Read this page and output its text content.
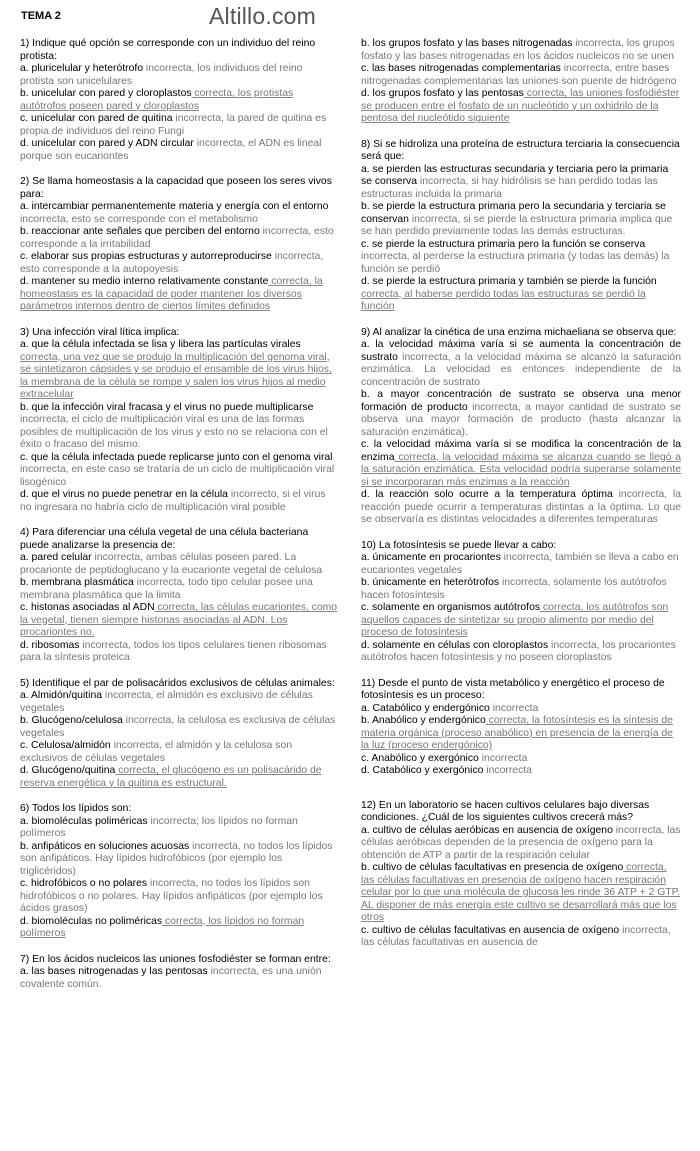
TEMA 2	Altillo.com
1) Indique qué opción se corresponde con un individuo del reino protista:
a. pluricelular y heterótrofo incorrecta, los individuos del reino protista son unicelulares
b. unicelular con pared y cloroplastos correcta, los protistas autótrofos poseen pared y cloroplastos
c. unicelular con pared de quitina incorrecta, la pared de quitina es propia de individuos del reino Fungi
d. unicelular con pared y ADN circular incorrecta, el ADN es lineal porque son eucariontes
2) Se llama homeostasis a la capacidad que poseen los seres vivos para:
a. intercambiar permanentemente materia y energía con el entorno incorrecta, esto se corresponde con el metabolismo
b. reaccionar ante señales que perciben del entorno incorrecta, esto corresponde a la irritabilidad
c. elaborar sus propias estructuras y autorreproducirse incorrecta, esto corresponde a la autopoyesis
d. mantener su medio interno relativamente constante correcta, la homeostasis es la capacidad de poder mantener los diversos parámetros internos dentro de ciertos límites definidos
3) Una infección viral lítica implica:
a. que la célula infectada se lisa y libera las partículas virales correcta, una vez que se produjo la multiplicación del genoma viral, se sintetizaron cápsides y se produjo el ensamble de los virus hijos, la membrana de la célula se rompe y salen los virus hijos al medio extracelular
b. que la infección viral fracasa y el virus no puede multiplicarse incorrecta, el ciclo de multiplicación viral es una de las formas posibles de multiplicación de los virus y esto no se relaciona con el éxito o fracaso del mismo.
c. que la célula infectada puede replicarse junto con el genoma viral incorrecta, en este caso se trataría de un ciclo de multiplicación viral lisogénico
d. que el virus no puede penetrar en la célula incorrecto, si el virus no ingresara no habría ciclo de multiplicación viral posible
4) Para diferenciar una célula vegetal de una célula bacteriana puede analizarse la presencia de:
a. pared celular incorrecta, ambas células poseen pared. La procarionte de peptidoglucano y la eucarionte vegetal de celulosa
b. membrana plasmática incorrecta, todo tipo celular posee una membrana plasmática que la limita
c. histonas asociadas al ADN correcta, las células eucariontes, como la vegetal, tienen siempre histonas asociadas al ADN. Los procariontes no.
d. ribosomas incorrecta, todos los tipos celulares tienen ribosomas para la síntesis proteica
5) Identifique el par de polisacáridos exclusivos de células animales:
a. Almidón/quitina incorrecta, el almidón es exclusivo de células vegetales
b. Glucógeno/celulosa incorrecta, la celulosa es exclusiva de células vegetales
c. Celulosa/almidón incorrecta, el almidón y la celulosa son exclusivos de células vegetales
d. Glucógeno/quitina correcta, el glucógeno es un polisacárido de reserva energética y la quitina es estructural.
6) Todos los lípidos son:
a. biomoléculas poliméricas incorrecta; los lípidos no forman polímeros
b. anfipáticos en soluciones acuosas incorrecta, no todos los lípidos son anfipáticos. Hay lípidos hidrofóbicos (por ejemplo los triglicéridos)
c. hidrofóbicos o no polares incorrecta, no todos los lípidos son hidrofóbicos o no polares. Hay lípidos anfipáticos (por ejemplo los ácidos grasos)
d. biomoléculas no poliméricas correcta, los lípidos no forman polímeros
7) En los ácidos nucleicos las uniones fosfodiéster se forman entre:
a. las bases nitrogenadas y las pentosas incorrecta, es una unión covalente común.
b. los grupos fosfato y las bases nitrogenadas incorrecta, los grupos fosfato y las bases nitrogenadas en los ácidos nucleicos no se unen
c. las bases nitrogenadas complementarias incorrecta, entre bases nitrogenadas complementarias las uniones son puente de hidrógeno
d. los grupos fosfato y las pentosas correcta, las uniones fosfodiéster se producen entre el fosfato de un nucleótido y un oxhidrilo de la pentosa del nucleótido siguiente
8) Si se hidroliza una proteína de estructura terciaria la consecuencia será que:
a. se pierden las estructuras secundaria y terciaria pero la primaria se conserva incorrecta, si hay hidrólisis se han perdido todas las estructuras incluida la primaria
b. se pierde la estructura primaria pero la secundaria y terciaria se conservan incorrecta, si se pierde la estructura primaria implica que se han perdido previamente todas las demás estructuras.
c. se pierde la estructura primaria pero la función se conserva incorrecta, al perderse la estructura primaria (y todas las demás) la función se perdió
d. se pierde la estructura primaria y también se pierde la función correcta, al haberse perdido todas las estructuras se perdió la función
9) Al analizar la cinética de una enzima michaeliana se observa que:
a. la velocidad máxima varía si se aumenta la concentración de sustrato incorrecta, a la velocidad máxima se alcanzó la saturación enzimática. La velocidad es entonces independiente de la concentración de sustrato
b. a mayor concentración de sustrato se observa una menor formación de producto incorrecta, a mayor cantidad de sustrato se observa una mayor formación de producto (hasta alcanzar la saturación enzimática).
c. la velocidad máxima varía si se modifica la concentración de la enzima correcta, la velocidad máxima se alcanza cuando se llegó a la saturación enzimática. Esta velocidad podría superarse solamente si se incorporaran más enzimas a la reacción
d. la reacción solo ocurre a la temperatura óptima incorrecta, la reacción puede ocurrir a temperaturas distintas a la óptima. Lo que se observaría es distintas velocidades a diferentes temperaturas
10) La fotosíntesis se puede llevar a cabo:
a. únicamente en procariontes incorrecta, también se lleva a cabo en eucariontes vegetales
b. únicamente en heterótrofos incorrecta, solamente los autótrofos hacen fotosíntesis
c. solamente en organismos autótrofos correcta, los autótrofos son aquellos capaces de sintetizar su propio alimento por medio del proceso de fotosíntesis
d. solamente en células con cloroplastos incorrecta, los procariontes autótrofos hacen fotosíntesis y no poseen cloroplastos
11) Desde el punto de vista metabólico y energético el proceso de fotosíntesis es un proceso:
a. Catabólico y endergónico incorrecta
b. Anabólico y endergónico correcta, la fotosíntesis es la síntesis de materia orgánica (proceso anabólico) en presencia de la energía de la luz (proceso endergónico)
c. Anabólico y exergónico incorrecta
d. Catabólico y exergónico incorrecta
12) En un laboratorio se hacen cultivos celulares bajo diversas condiciones. ¿Cuál de los siguientes cultivos crecerá más?
a. cultivo de células aeróbicas en ausencia de oxígeno incorrecta, las células aeróbicas dependen de la presencia de oxígeno para la obtención de ATP a partir de la respiración celular
b. cultivo de células facultativas en presencia de oxígeno correcta, las células facultativas en presencia de oxígeno hacen respiración celular por lo que una molécula de glucosa les rinde 36 ATP + 2 GTP. AL disponer de más energía este cultivo se desarrollará más que los otros
c. cultivo de células facultativas en ausencia de oxígeno incorrecta, las células facultativas en ausencia de
